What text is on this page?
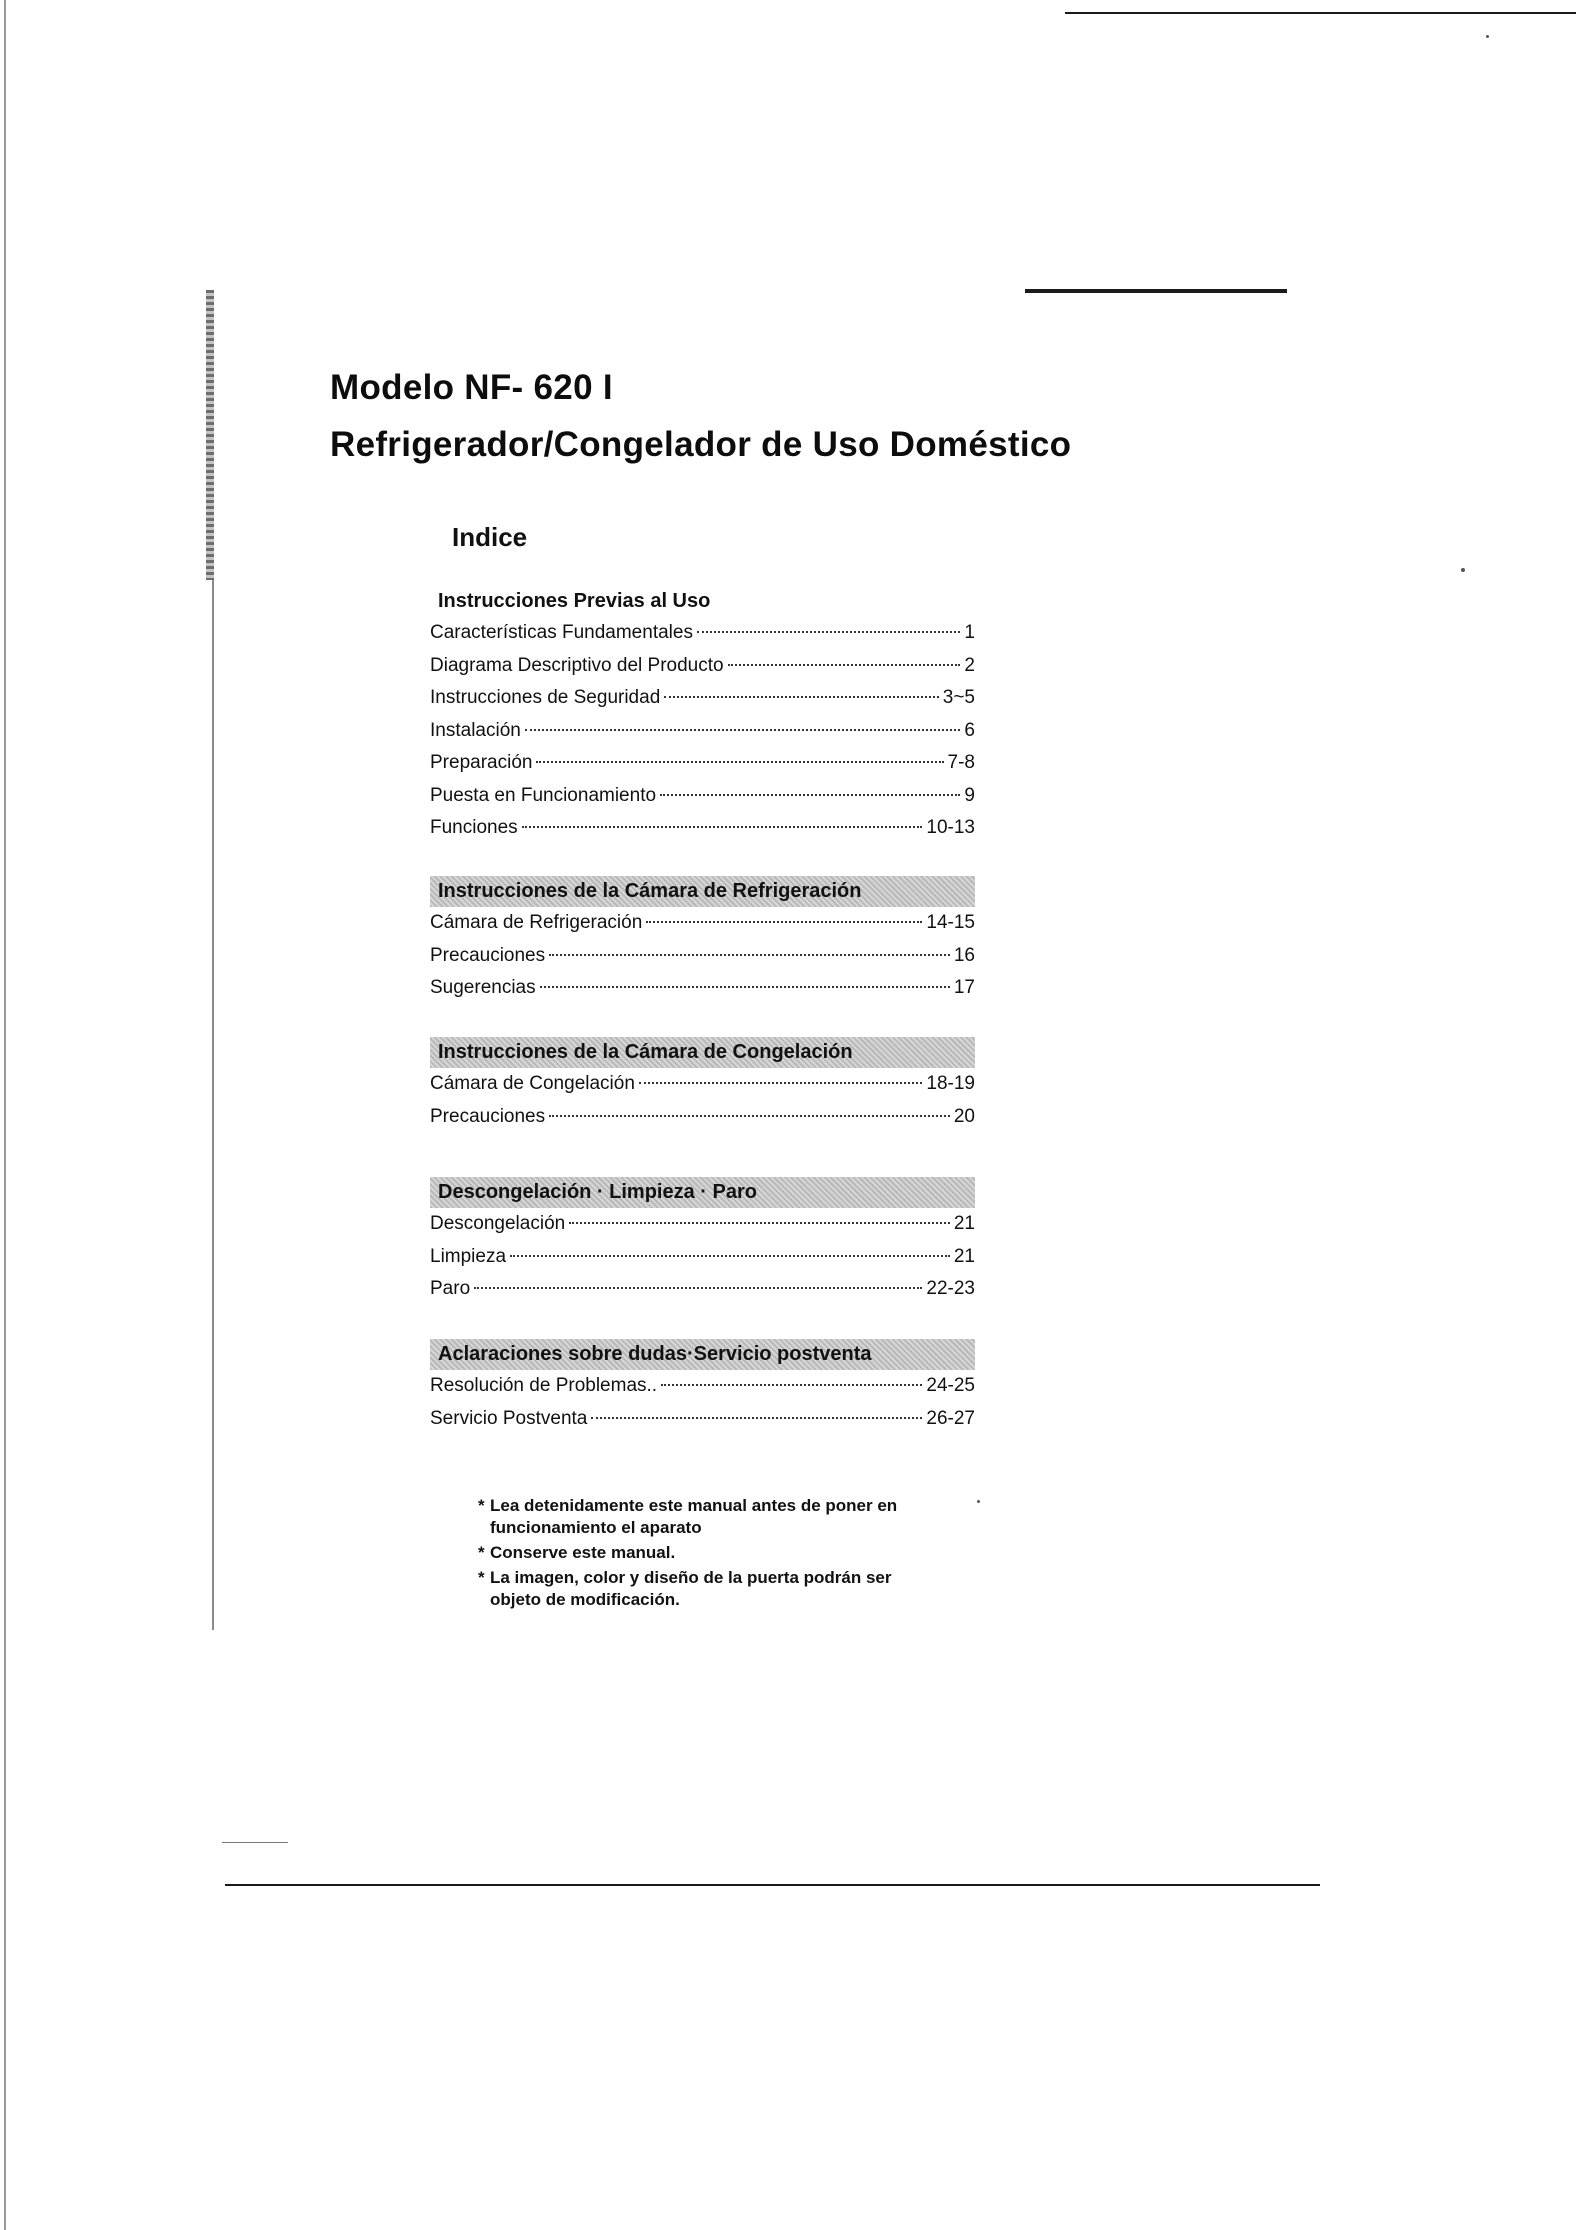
Modelo NF- 620 I
Refrigerador/Congelador de Uso Doméstico
Indice
Instrucciones Previas al Uso
Características Fundamentales	1
Diagrama Descriptivo del Producto	2
Instrucciones de Seguridad	3~5
Instalación	6
Preparación	7-8
Puesta en Funcionamiento	9
Funciones	10-13
Instrucciones de la Cámara de Refrigeración
Cámara de Refrigeración	14-15
Precauciones	16
Sugerencias	17
Instrucciones de la Cámara de Congelación
Cámara de Congelación	18-19
Precauciones	20
Descongelación · Limpieza · Paro
Descongelación	21
Limpieza	21
Paro	22-23
Aclaraciones sobre dudas·Servicio postventa
Resolución de Problemas..	24-25
Servicio Postventa	26-27
* Lea detenidamente este manual antes de poner en funcionamiento el aparato
* Conserve este manual.
* La imagen, color y diseño de la puerta podrán ser objeto de modificación.
